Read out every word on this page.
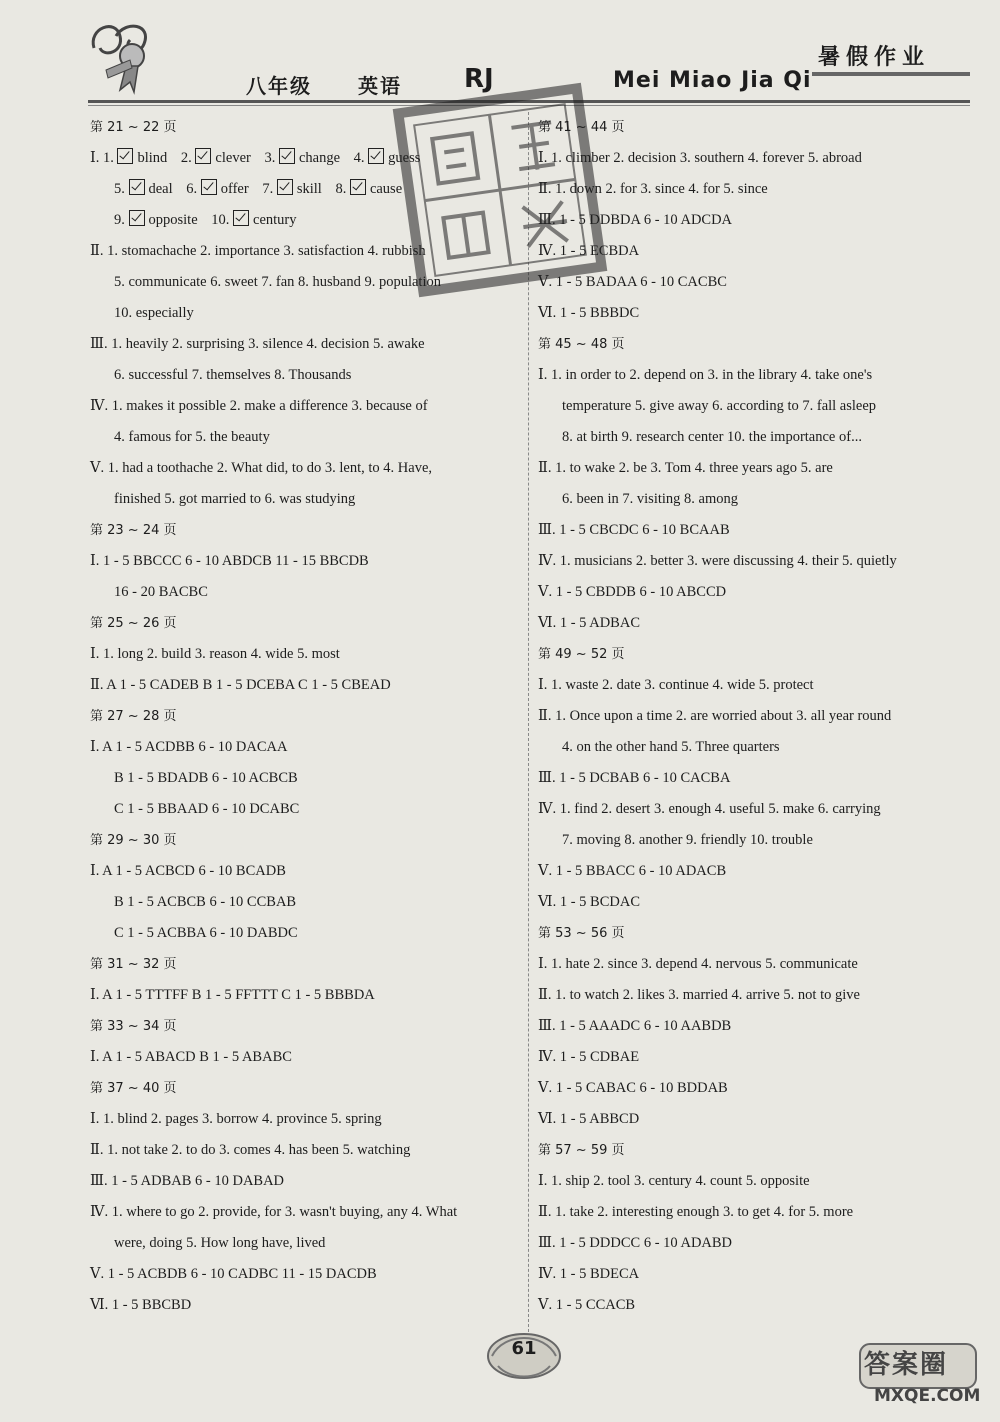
八年级 英语 RJ	Mei Miao Jia Qi
暑假作业
第 21 ~ 22 页
Ⅰ. 1. blind 2. clever 3. change 4. guess
5. deal 6. offer 7. skill 8. cause
9. opposite 10. century
Ⅱ. 1. stomachache 2. importance 3. satisfaction 4. rubbish
5. communicate 6. sweet 7. fan 8. husband 9. population
10. especially
Ⅲ. 1. heavily 2. surprising 3. silence 4. decision 5. awake
6. successful 7. themselves 8. Thousands
Ⅳ. 1. makes it possible 2. make a difference 3. because of
4. famous for 5. the beauty
Ⅴ. 1. had a toothache 2. What did, to do 3. lent, to 4. Have,
finished 5. got married to 6. was studying
第 23 ~ 24 页
Ⅰ. 1 - 5 BBCCC 6 - 10 ABDCB 11 - 15 BBCDB
16 - 20 BACBC
第 25 ~ 26 页
Ⅰ. 1. long 2. build 3. reason 4. wide 5. most
Ⅱ. A 1 - 5 CADEB B 1 - 5 DCEBA C 1 - 5 CBEAD
第 27 ~ 28 页
Ⅰ. A 1 - 5 ACDBB 6 - 10 DACAA
B 1 - 5 BDADB 6 - 10 ACBCB
C 1 - 5 BBAAD 6 - 10 DCABC
第 29 ~ 30 页
Ⅰ. A 1 - 5 ACBCD 6 - 10 BCADB
B 1 - 5 ACBCB 6 - 10 CCBAB
C 1 - 5 ACBBA 6 - 10 DABDC
第 31 ~ 32 页
Ⅰ. A 1 - 5 TTTFF B 1 - 5 FFTTT C 1 - 5 BBBDA
第 33 ~ 34 页
Ⅰ. A 1 - 5 ABACD B 1 - 5 ABABC
第 37 ~ 40 页
Ⅰ. 1. blind 2. pages 3. borrow 4. province 5. spring
Ⅱ. 1. not take 2. to do 3. comes 4. has been 5. watching
Ⅲ. 1 - 5 ADBAB 6 - 10 DABAD
Ⅳ. 1. where to go 2. provide, for 3. wasn't buying, any 4. What
were, doing 5. How long have, lived
Ⅴ. 1 - 5 ACBDB 6 - 10 CADBC 11 - 15 DACDB
Ⅵ. 1 - 5 BBCBD
第 41 ~ 44 页
Ⅰ. 1. climber 2. decision 3. southern 4. forever 5. abroad
Ⅱ. 1. down 2. for 3. since 4. for 5. since
Ⅲ. 1 - 5 DDBDA 6 - 10 ADCDA
Ⅳ. 1 - 5 ECBDA
Ⅴ. 1 - 5 BADAA 6 - 10 CACBC
Ⅵ. 1 - 5 BBBDC
第 45 ~ 48 页
Ⅰ. 1. in order to 2. depend on 3. in the library 4. take one's
temperature 5. give away 6. according to 7. fall asleep
8. at birth 9. research center 10. the importance of...
Ⅱ. 1. to wake 2. be 3. Tom 4. three years ago 5. are
6. been in 7. visiting 8. among
Ⅲ. 1 - 5 CBCDC 6 - 10 BCAAB
Ⅳ. 1. musicians 2. better 3. were discussing 4. their 5. quietly
Ⅴ. 1 - 5 CBDDB 6 - 10 ABCCD
Ⅵ. 1 - 5 ADBAC
第 49 ~ 52 页
Ⅰ. 1. waste 2. date 3. continue 4. wide 5. protect
Ⅱ. 1. Once upon a time 2. are worried about 3. all year round
4. on the other hand 5. Three quarters
Ⅲ. 1 - 5 DCBAB 6 - 10 CACBA
Ⅳ. 1. find 2. desert 3. enough 4. useful 5. make 6. carrying
7. moving 8. another 9. friendly 10. trouble
Ⅴ. 1 - 5 BBACC 6 - 10 ADACB
Ⅵ. 1 - 5 BCDAC
第 53 ~ 56 页
Ⅰ. 1. hate 2. since 3. depend 4. nervous 5. communicate
Ⅱ. 1. to watch 2. likes 3. married 4. arrive 5. not to give
Ⅲ. 1 - 5 AAADC 6 - 10 AABDB
Ⅳ. 1 - 5 CDBAE
Ⅴ. 1 - 5 CABAC 6 - 10 BDDAB
Ⅵ. 1 - 5 ABBCD
第 57 ~ 59 页
Ⅰ. 1. ship 2. tool 3. century 4. count 5. opposite
Ⅱ. 1. take 2. interesting enough 3. to get 4. for 5. more
Ⅲ. 1 - 5 DDDCC 6 - 10 ADABD
Ⅳ. 1 - 5 BDECA
Ⅴ. 1 - 5 CCACB
61
答案圈
MXQE.COM
